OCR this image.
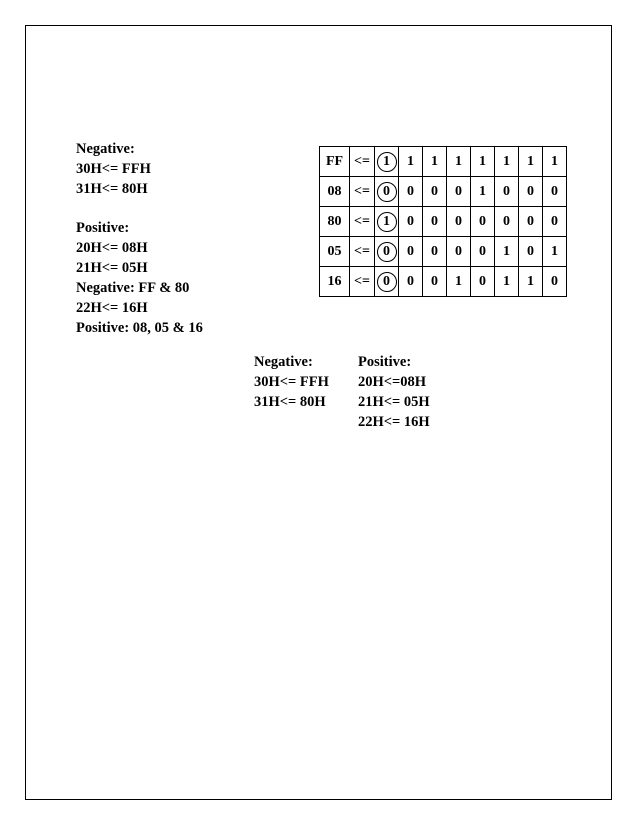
Negative:
30H<= FFH
31H<= 80H
Positive:
20H<= 08H
21H<= 05H
Negative: FF & 80
22H<= 16H
Positive: 08, 05 & 16
FF	<=	1	1	1	1	1	1	1	1
08	<=	0	0	0	0	1	0	0	0
80	<=	1	0	0	0	0	0	0	0
05	<=	0	0	0	0	0	1	0	1
16	<=	0	0	0	1	0	1	1	0
Negative:
30H<= FFH
31H<= 80H
Positive:
20H<=08H
21H<= 05H
22H<= 16H
